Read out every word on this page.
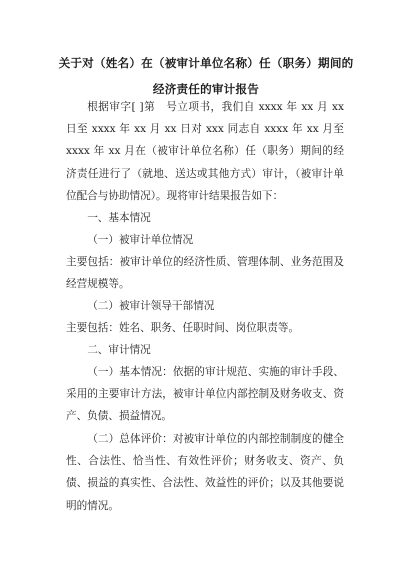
关于对（姓名）在（被审计单位名称）任（职务）期间的
经济责任的审计报告

根据审字[ ]第　号立项书，我们自 xxxx 年 xx 月 xx 日至 xxxx 年 xx 月 xx 日对 xxx 同志自 xxxx 年 xx 月至 xxxx 年 xx 月在（被审计单位名称）任（职务）期间的经济责任进行了（就地、送达或其他方式）审计，（被审计单位配合与协助情况）。现将审计结果报告如下：

一、基本情况

（一）被审计单位情况

主要包括：被审计单位的经济性质、管理体制、业务范围及经营规模等。

（二）被审计领导干部情况

主要包括：姓名、职务、任职时间、岗位职责等。

二、审计情况

（一）基本情况：依据的审计规范、实施的审计手段、采用的主要审计方法，被审计单位内部控制及财务收支、资产、负债、损益情况。

（二）总体评价：对被审计单位的内部控制制度的健全性、合法性、恰当性、有效性评价；财务收支、资产、负债、损益的真实性、合法性、效益性的评价；以及其他要说明的情况。
